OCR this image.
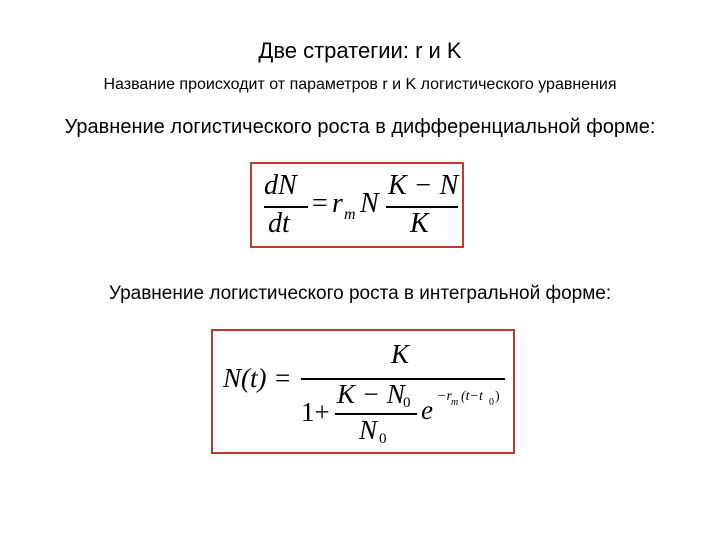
Две стратегии: r и K
Название происходит от параметров r и K логистического уравнения
Уравнение логистического роста в дифференциальной форме:
dN
dt
= r m N
K − N
K
Уравнение логистического роста в интегральной форме:
N(t) =
K
1+
K − N
0
N 0
e −r m (t−t 0 )
